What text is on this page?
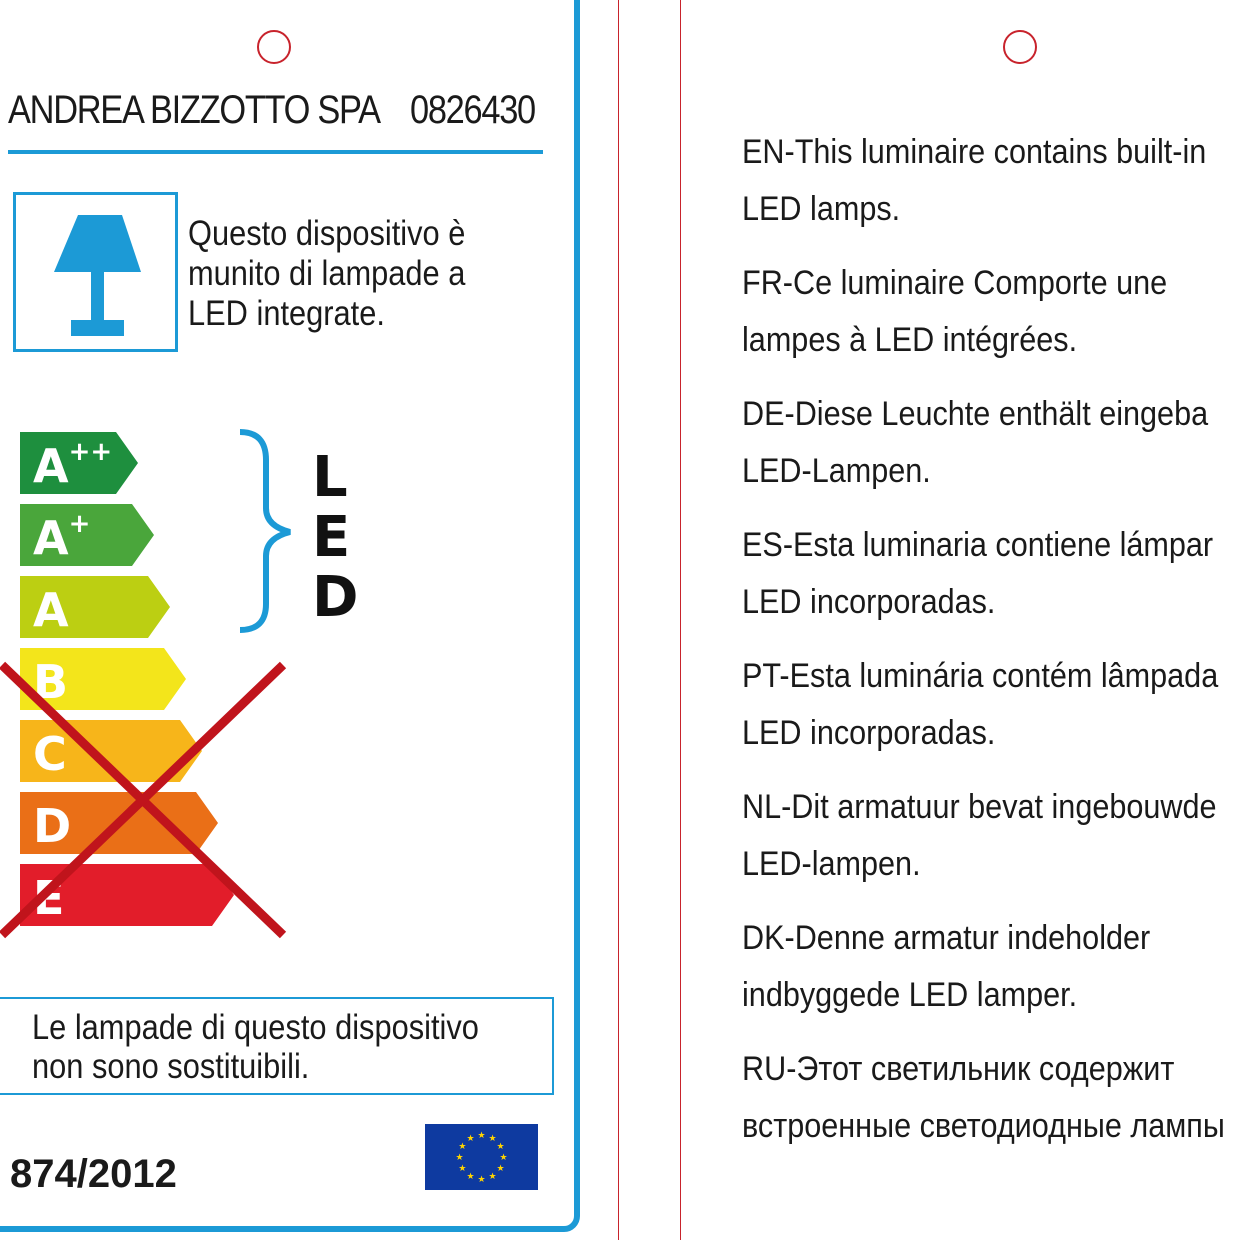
ANDREA BIZZOTTO SPA 0826430
Questo dispositivo è
munito di lampade a
LED integrate.
A++
A+
A
B
C
D
E
L
E
D
Le lampade di questo dispositivo
non sono sostituibili.
874/2012
★ ★
★
★
★
★
★
★
★
★
★
★
EN-This luminaire contains built-in
LED lamps.
FR-Ce luminaire Comporte une
lampes à LED intégrées.
DE-Diese Leuchte enthält eingeba
LED-Lampen.
ES-Esta luminaria contiene lámpar
LED incorporadas.
PT-Esta luminária contém lâmpada
LED incorporadas.
NL-Dit armatuur bevat ingebouwde
LED-lampen.
DK-Denne armatur indeholder
indbyggede LED lamper.
RU-Этот светильник содержит
встроенные светодиодные лампы
